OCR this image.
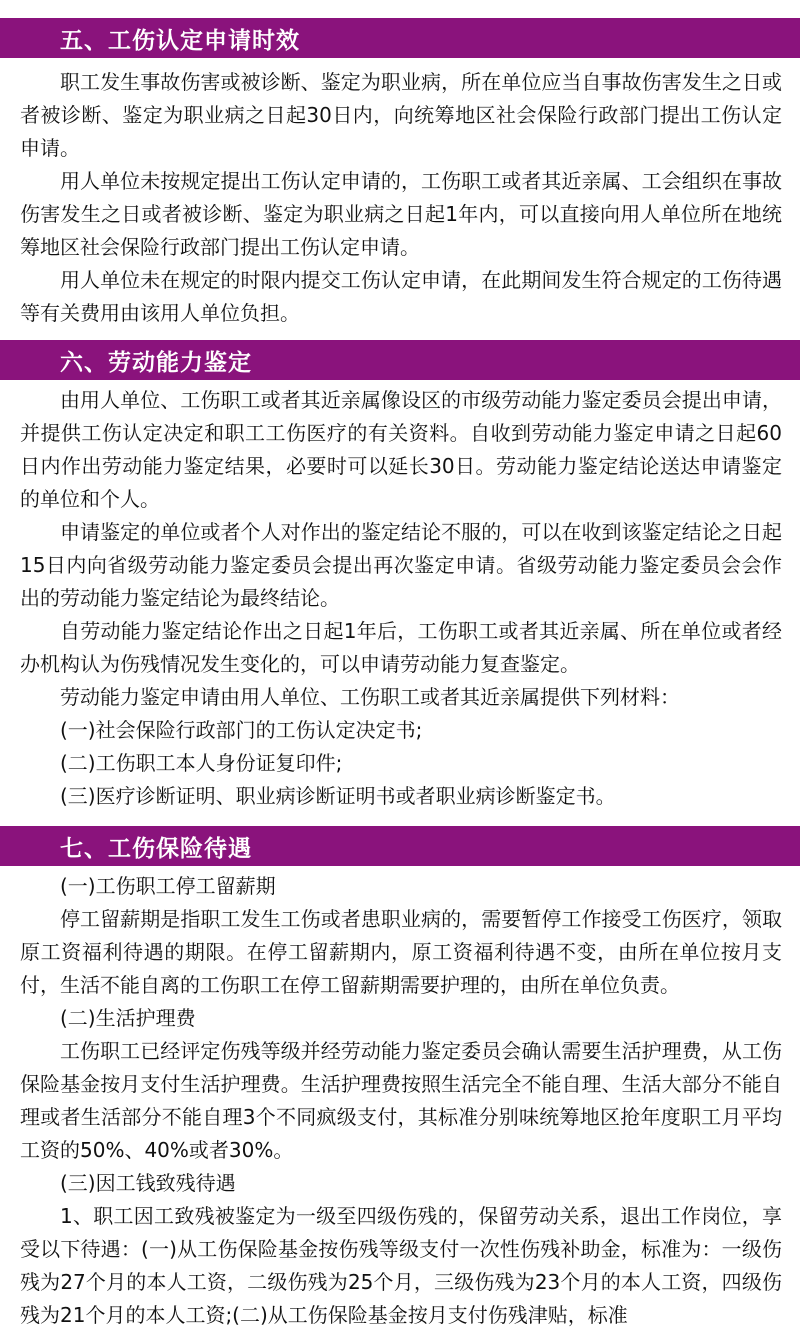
五、工伤认定申请时效

职工发生事故伤害或被诊断、鉴定为职业病，所在单位应当自事故伤害发生之日或者被诊断、鉴定为职业病之日起30日内，向统筹地区社会保险行政部门提出工伤认定申请。

用人单位未按规定提出工伤认定申请的，工伤职工或者其近亲属、工会组织在事故伤害发生之日或者被诊断、鉴定为职业病之日起1年内，可以直接向用人单位所在地统筹地区社会保险行政部门提出工伤认定申请。

用人单位未在规定的时限内提交工伤认定申请，在此期间发生符合规定的工伤待遇等有关费用由该用人单位负担。

六、劳动能力鉴定

由用人单位、工伤职工或者其近亲属像设区的市级劳动能力鉴定委员会提出申请，并提供工伤认定决定和职工工伤医疗的有关资料。自收到劳动能力鉴定申请之日起60日内作出劳动能力鉴定结果，必要时可以延长30日。劳动能力鉴定结论送达申请鉴定的单位和个人。

申请鉴定的单位或者个人对作出的鉴定结论不服的，可以在收到该鉴定结论之日起15日内向省级劳动能力鉴定委员会提出再次鉴定申请。省级劳动能力鉴定委员会会作出的劳动能力鉴定结论为最终结论。

自劳动能力鉴定结论作出之日起1年后，工伤职工或者其近亲属、所在单位或者经办机构认为伤残情况发生变化的，可以申请劳动能力复查鉴定。

劳动能力鉴定申请由用人单位、工伤职工或者其近亲属提供下列材料：

(一)社会保险行政部门的工伤认定决定书;

(二)工伤职工本人身份证复印件;

(三)医疗诊断证明、职业病诊断证明书或者职业病诊断鉴定书。

七、工伤保险待遇

(一)工伤职工停工留薪期

停工留薪期是指职工发生工伤或者患职业病的，需要暂停工作接受工伤医疗，领取原工资福利待遇的期限。在停工留薪期内，原工资福利待遇不变，由所在单位按月支付，生活不能自离的工伤职工在停工留薪期需要护理的，由所在单位负责。

(二)生活护理费

工伤职工已经评定伤残等级并经劳动能力鉴定委员会确认需要生活护理费，从工伤保险基金按月支付生活护理费。生活护理费按照生活完全不能自理、生活大部分不能自理或者生活部分不能自理3个不同疯级支付，其标准分别味统筹地区抢年度职工月平均工资的50%、40%或者30%。

(三)因工钱致残待遇

1、职工因工致残被鉴定为一级至四级伤残的，保留劳动关系，退出工作岗位，享受以下待遇：(一)从工伤保险基金按伤残等级支付一次性伤残补助金，标准为：一级伤残为27个月的本人工资，二级伤残为25个月，三级伤残为23个月的本人工资，四级伤残为21个月的本人工资;(二)从工伤保险基金按月支付伤残津贴，标准
